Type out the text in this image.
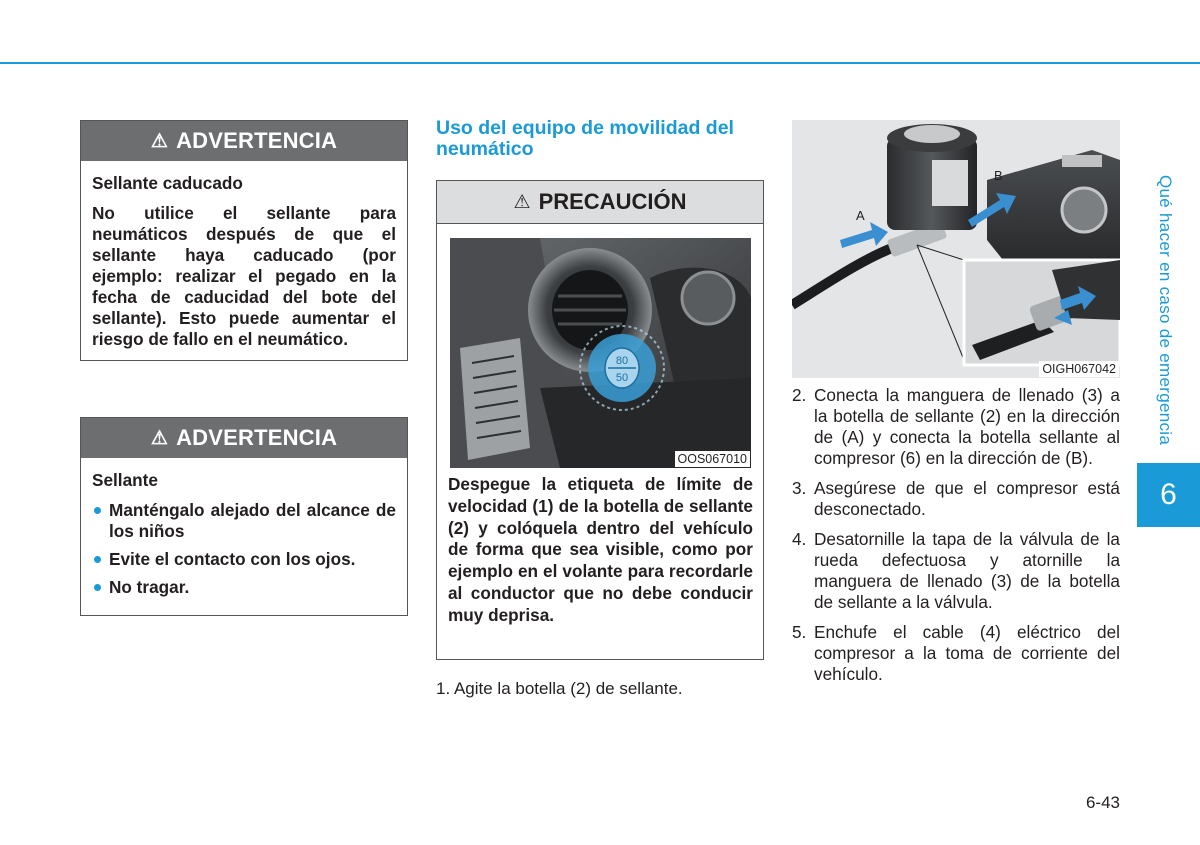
⚠ ADVERTENCIA
Sellante caducado
No utilice el sellante para neumáticos después de que el sellante haya caducado (por ejemplo: realizar el pegado en la fecha de caducidad del bote del sellante). Esto puede aumentar el riesgo de fallo en el neumático.
⚠ ADVERTENCIA
Sellante
Manténgalo alejado del alcance de los niños
Evite el contacto con los ojos.
No tragar.
Uso del equipo de movilidad del neumático
⚠ PRECAUCIÓN
80
50
OOS067010
Despegue la etiqueta de límite de velocidad (1) de la botella de sellante (2) y colóquela dentro del vehículo de forma que sea visible, como por ejemplo en el volante para recordarle al conductor que no debe conducir muy deprisa.
1. Agite la botella (2) de sellante.
A
B
OIGH067042
2. Conecta la manguera de llenado (3) a la botella de sellante (2) en la dirección de (A) y conecta la botella sellante al compresor (6) en la dirección de (B).
3. Asegúrese de que el compresor está desconectado.
4. Desatornille la tapa de la válvula de la rueda defectuosa y atornille la manguera de llenado (3) de la botella de sellante a la válvula.
5. Enchufe el cable (4) eléctrico del compresor a la toma de corriente del vehículo.
Qué hacer en caso de emergencia
6
6-43
